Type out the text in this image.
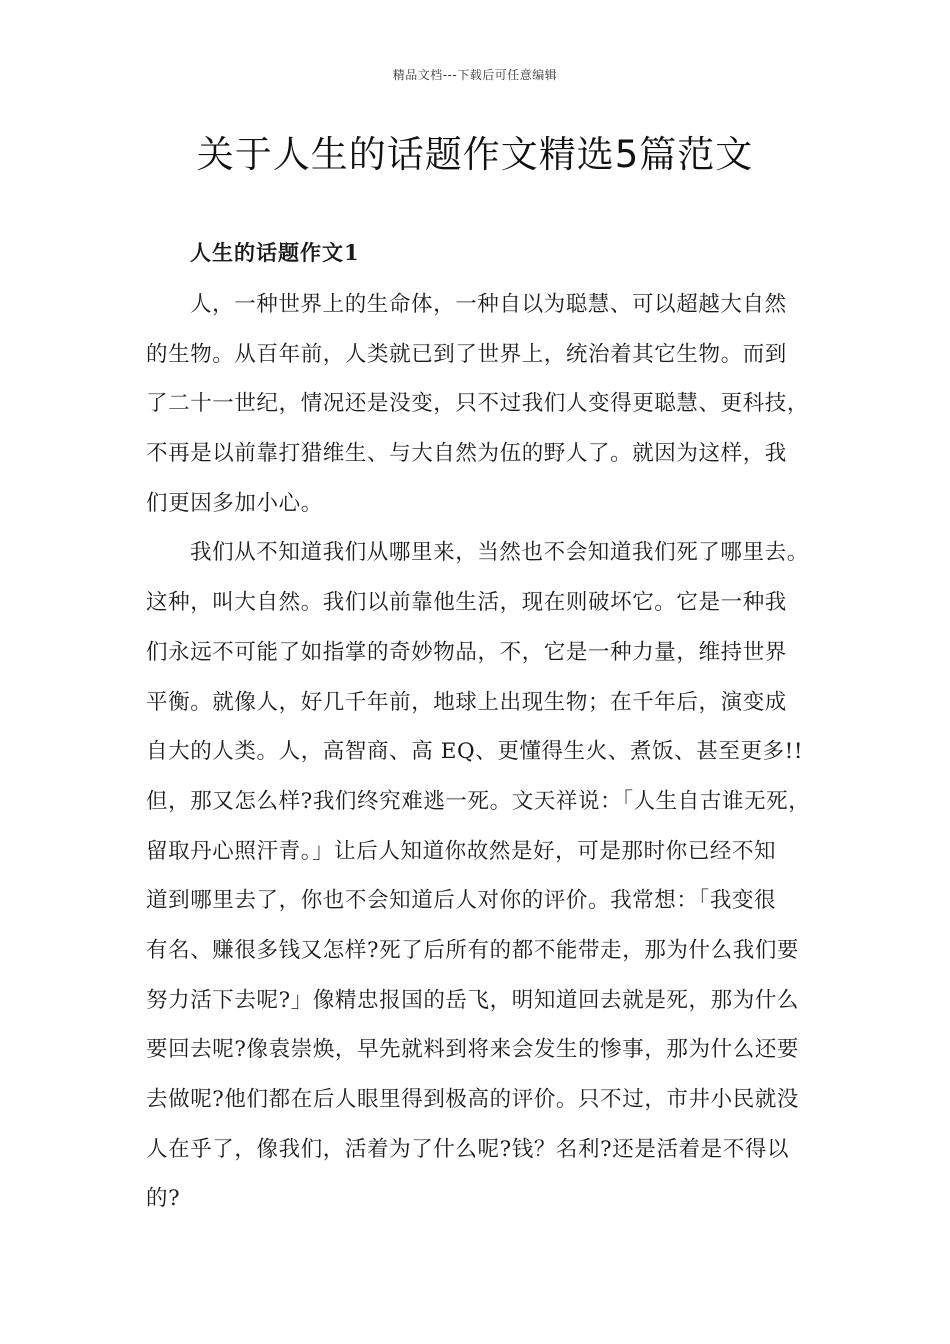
精品文档---下载后可任意编辑
关于人生的话题作文精选5篇范文
人生的话题作文1
人，一种世界上的生命体，一种自以为聪慧、可以超越大自然
的生物。从百年前，人类就已到了世界上，统治着其它生物。而到
了二十一世纪，情况还是没变，只不过我们人变得更聪慧、更科技，
不再是以前靠打猎维生、与大自然为伍的野人了。就因为这样，我
们更因多加小心。
我们从不知道我们从哪里来，当然也不会知道我们死了哪里去。
这种，叫大自然。我们以前靠他生活，现在则破坏它。它是一种我
们永远不可能了如指掌的奇妙物品，不，它是一种力量，维持世界
平衡。就像人，好几千年前，地球上出现生物；在千年后，演变成
自大的人类。人，高智商、高 EQ、更懂得生火、煮饭、甚至更多!!
但，那又怎么样?我们终究难逃一死。文天祥说：「人生自古谁无死，
留取丹心照汗青。」让后人知道你故然是好，可是那时你已经不知
道到哪里去了，你也不会知道后人对你的评价。我常想：「我变很
有名、赚很多钱又怎样?死了后所有的都不能带走，那为什么我们要
努力活下去呢?」像精忠报国的岳飞，明知道回去就是死，那为什么
要回去呢?像袁崇焕，早先就料到将来会发生的惨事，那为什么还要
去做呢?他们都在后人眼里得到极高的评价。只不过，市井小民就没
人在乎了，像我们，活着为了什么呢?钱？名利?还是活着是不得以
的?
